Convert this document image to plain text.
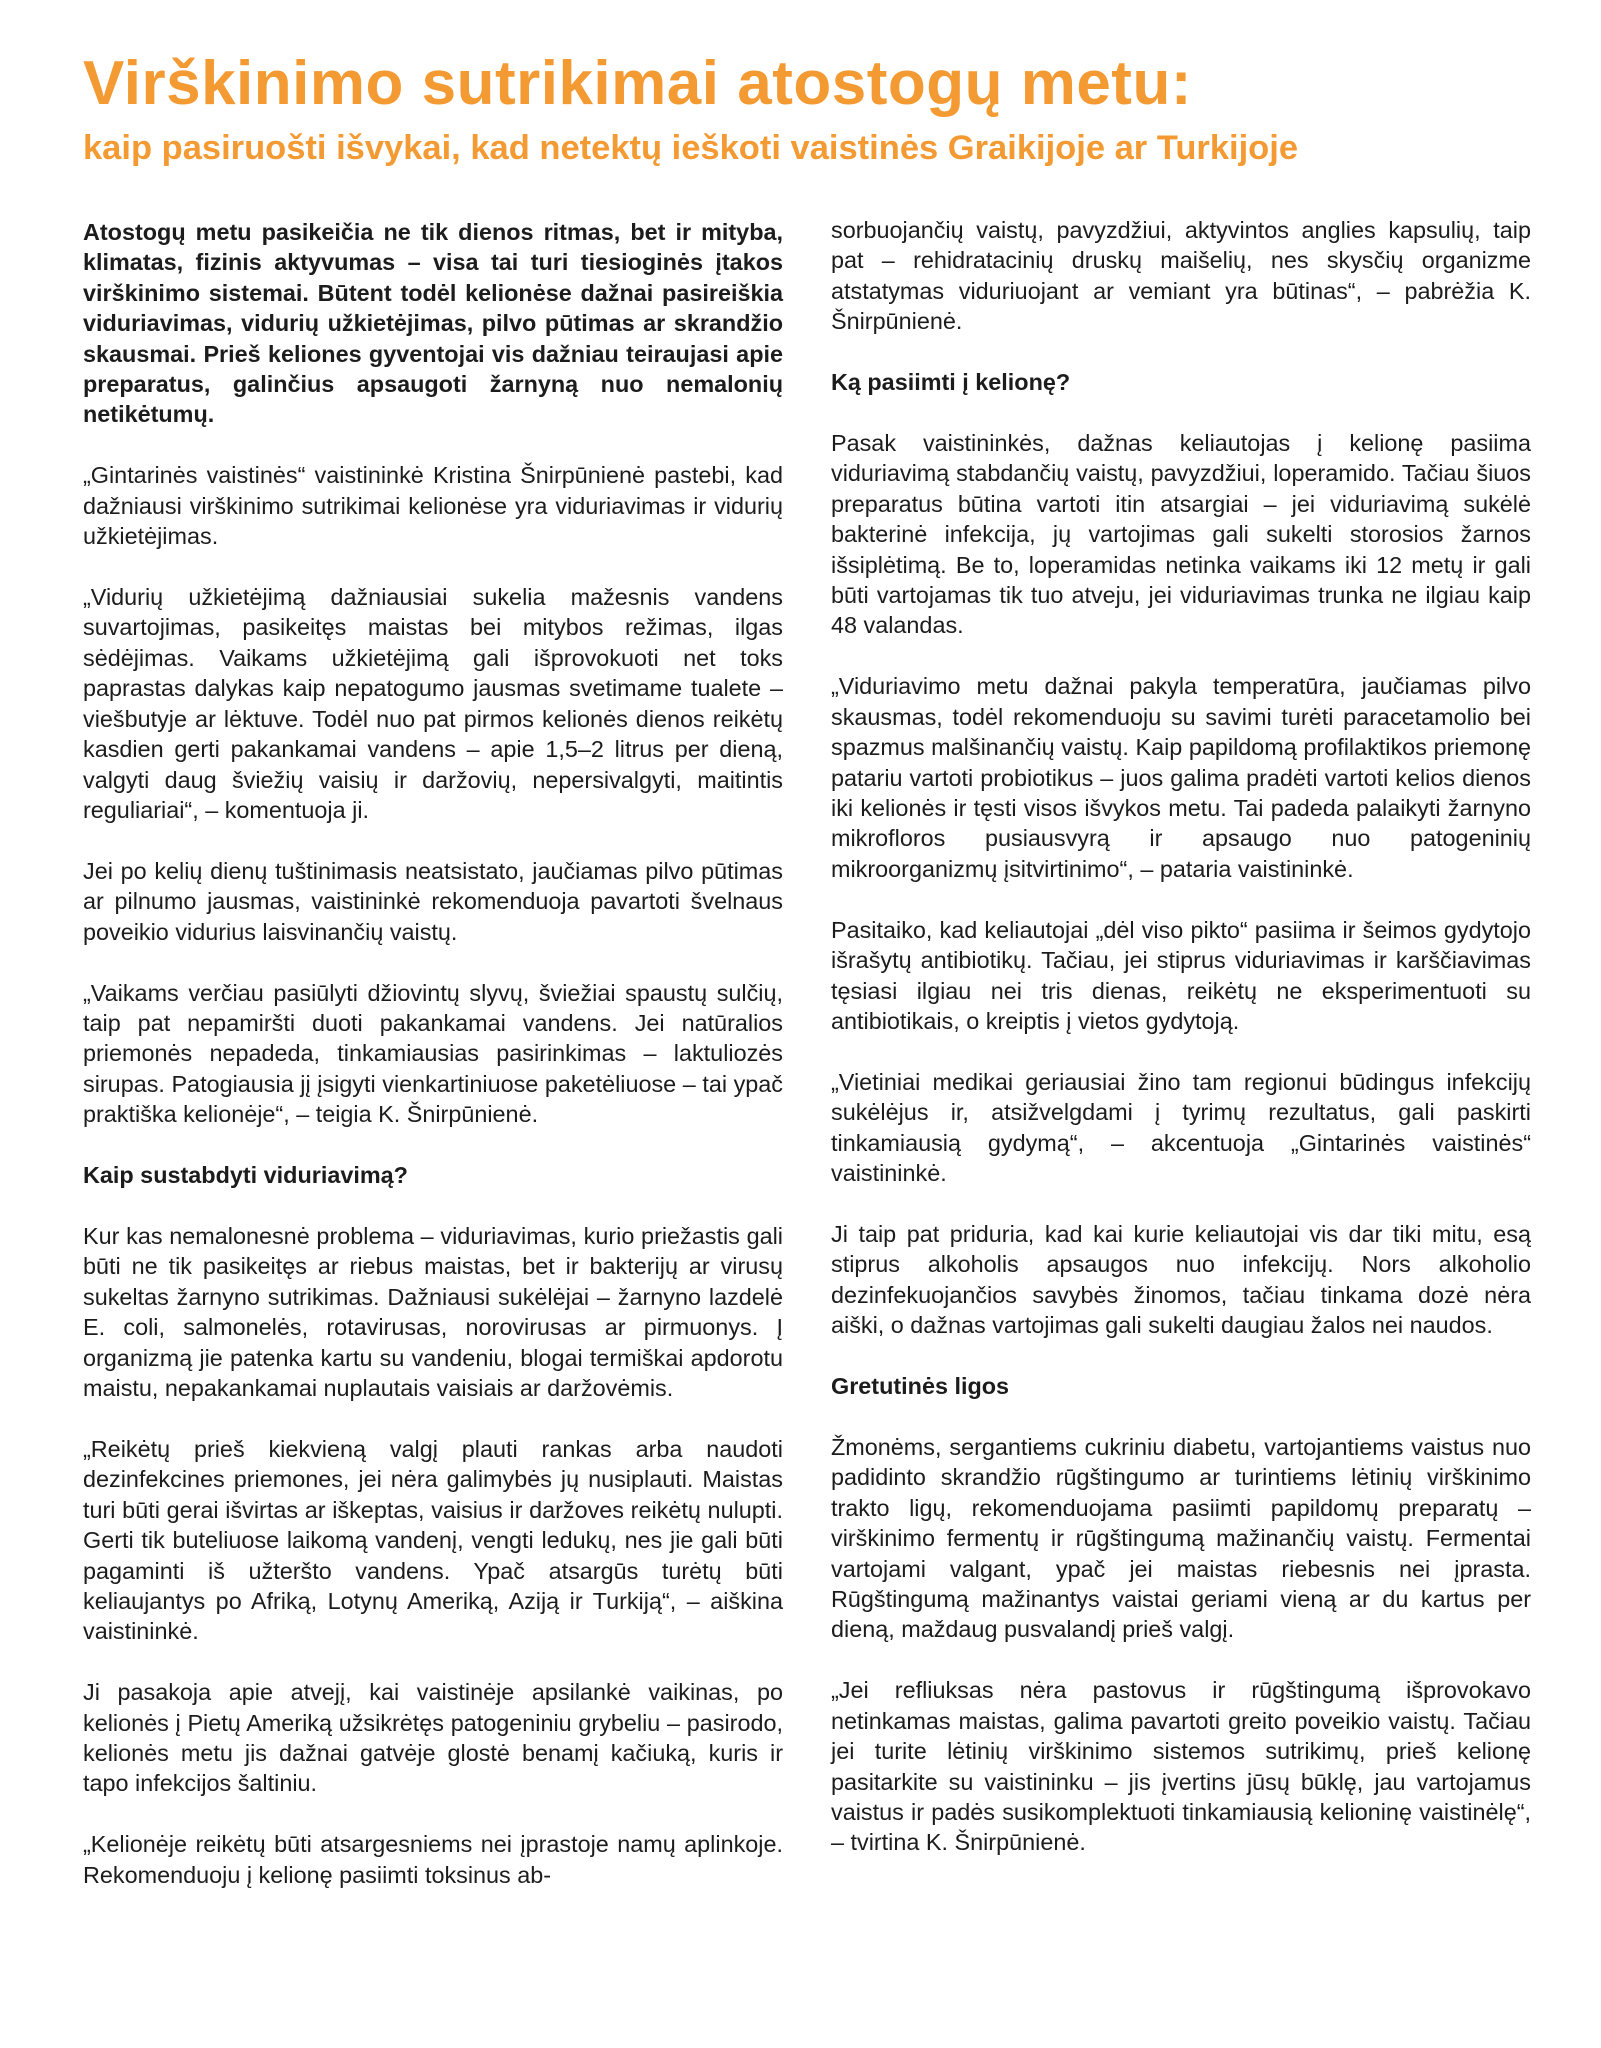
Virškinimo sutrikimai atostogų metu:
kaip pasiruošti išvykai, kad netektų ieškoti vaistinės Graikijoje ar Turkijoje

Atostogų metu pasikeičia ne tik dienos ritmas, bet ir mityba, klimatas, fizinis aktyvumas – visa tai turi tiesioginės įtakos virškinimo sistemai. Būtent todėl kelionėse dažnai pasireiškia viduriavimas, vidurių užkietėjimas, pilvo pūtimas ar skrandžio skausmai. Prieš keliones gyventojai vis dažniau teiraujasi apie preparatus, galinčius apsaugoti žarnyną nuo nemalonių netikėtumų.

„Gintarinės vaistinės“ vaistininkė Kristina Šnirpūnienė pastebi, kad dažniausi virškinimo sutrikimai kelionėse yra viduriavimas ir vidurių užkietėjimas.

„Vidurių užkietėjimą dažniausiai sukelia mažesnis vandens suvartojimas, pasikeitęs maistas bei mitybos režimas, ilgas sėdėjimas. Vaikams užkietėjimą gali išprovokuoti net toks paprastas dalykas kaip nepatogumo jausmas svetimame tualete – viešbutyje ar lėktuve. Todėl nuo pat pirmos kelionės dienos reikėtų kasdien gerti pakankamai vandens – apie 1,5–2 litrus per dieną, valgyti daug šviežių vaisių ir daržovių, nepersivalgyti, maitintis reguliariai“, – komentuoja ji.

Jei po kelių dienų tuštinimasis neatsistato, jaučiamas pilvo pūtimas ar pilnumo jausmas, vaistininkė rekomenduoja pavartoti švelnaus poveikio vidurius laisvinančių vaistų.

„Vaikams verčiau pasiūlyti džiovintų slyvų, šviežiai spaustų sulčių, taip pat nepamiršti duoti pakankamai vandens. Jei natūralios priemonės nepadeda, tinkamiausias pasirinkimas – laktuliozės sirupas. Patogiausia jį įsigyti vienkartiniuose paketėliuose – tai ypač praktiška kelionėje“, – teigia K. Šnirpūnienė.

Kaip sustabdyti viduriavimą?

Kur kas nemalonesnė problema – viduriavimas, kurio priežastis gali būti ne tik pasikeitęs ar riebus maistas, bet ir bakterijų ar virusų sukeltas žarnyno sutrikimas. Dažniausi sukėlėjai – žarnyno lazdelė E. coli, salmonelės, rotavirusas, norovirusas ar pirmuonys. Į organizmą jie patenka kartu su vandeniu, blogai termiškai apdorotu maistu, nepakankamai nuplautais vaisiais ar daržovėmis.

„Reikėtų prieš kiekvieną valgį plauti rankas arba naudoti dezinfekcines priemones, jei nėra galimybės jų nusiplauti. Maistas turi būti gerai išvirtas ar iškeptas, vaisius ir daržoves reikėtų nulupti. Gerti tik buteliuose laikomą vandenį, vengti ledukų, nes jie gali būti pagaminti iš užteršto vandens. Ypač atsargūs turėtų būti keliaujantys po Afriką, Lotynų Ameriką, Aziją ir Turkiją“, – aiškina vaistininkė.

Ji pasakoja apie atvejį, kai vaistinėje apsilankė vaikinas, po kelionės į Pietų Ameriką užsikrėtęs patogeniniu grybeliu – pasirodo, kelionės metu jis dažnai gatvėje glostė benamį kačiuką, kuris ir tapo infekcijos šaltiniu.

„Kelionėje reikėtų būti atsargesniems nei įprastoje namų aplinkoje. Rekomenduoju į kelionę pasiimti toksinus ab-

sorbuojančių vaistų, pavyzdžiui, aktyvintos anglies kapsulių, taip pat – rehidratacinių druskų maišelių, nes skysčių organizme atstatymas viduriuojant ar vemiant yra būtinas“, – pabrėžia K. Šnirpūnienė.

Ką pasiimti į kelionę?

Pasak vaistininkės, dažnas keliautojas į kelionę pasiima viduriavimą stabdančių vaistų, pavyzdžiui, loperamido. Tačiau šiuos preparatus būtina vartoti itin atsargiai – jei viduriavimą sukėlė bakterinė infekcija, jų vartojimas gali sukelti storosios žarnos išsiplėtimą. Be to, loperamidas netinka vaikams iki 12 metų ir gali būti vartojamas tik tuo atveju, jei viduriavimas trunka ne ilgiau kaip 48 valandas.

„Viduriavimo metu dažnai pakyla temperatūra, jaučiamas pilvo skausmas, todėl rekomenduoju su savimi turėti paracetamolio bei spazmus malšinančių vaistų. Kaip papildomą profilaktikos priemonę patariu vartoti probiotikus – juos galima pradėti vartoti kelios dienos iki kelionės ir tęsti visos išvykos metu. Tai padeda palaikyti žarnyno mikrofloros pusiausvyrą ir apsaugo nuo patogeninių mikroorganizmų įsitvirtinimo“, – pataria vaistininkė.

Pasitaiko, kad keliautojai „dėl viso pikto“ pasiima ir šeimos gydytojo išrašytų antibiotikų. Tačiau, jei stiprus viduriavimas ir karščiavimas tęsiasi ilgiau nei tris dienas, reikėtų ne eksperimentuoti su antibiotikais, o kreiptis į vietos gydytoją.

„Vietiniai medikai geriausiai žino tam regionui būdingus infekcijų sukėlėjus ir, atsižvelgdami į tyrimų rezultatus, gali paskirti tinkamiausią gydymą“, – akcentuoja „Gintarinės vaistinės“ vaistininkė.

Ji taip pat priduria, kad kai kurie keliautojai vis dar tiki mitu, esą stiprus alkoholis apsaugos nuo infekcijų. Nors alkoholio dezinfekuojančios savybės žinomos, tačiau tinkama dozė nėra aiški, o dažnas vartojimas gali sukelti daugiau žalos nei naudos.

Gretutinės ligos

Žmonėms, sergantiems cukriniu diabetu, vartojantiems vaistus nuo padidinto skrandžio rūgštingumo ar turintiems lėtinių virškinimo trakto ligų, rekomenduojama pasiimti papildomų preparatų – virškinimo fermentų ir rūgštingumą mažinančių vaistų. Fermentai vartojami valgant, ypač jei maistas riebesnis nei įprasta. Rūgštingumą mažinantys vaistai geriami vieną ar du kartus per dieną, maždaug pusvalandį prieš valgį.

„Jei refliuksas nėra pastovus ir rūgštingumą išprovokavo netinkamas maistas, galima pavartoti greito poveikio vaistų. Tačiau jei turite lėtinių virškinimo sistemos sutrikimų, prieš kelionę pasitarkite su vaistininku – jis įvertins jūsų būklę, jau vartojamus vaistus ir padės susikomplektuoti tinkamiausią kelioninę vaistinėlę“, – tvirtina K. Šnirpūnienė.
